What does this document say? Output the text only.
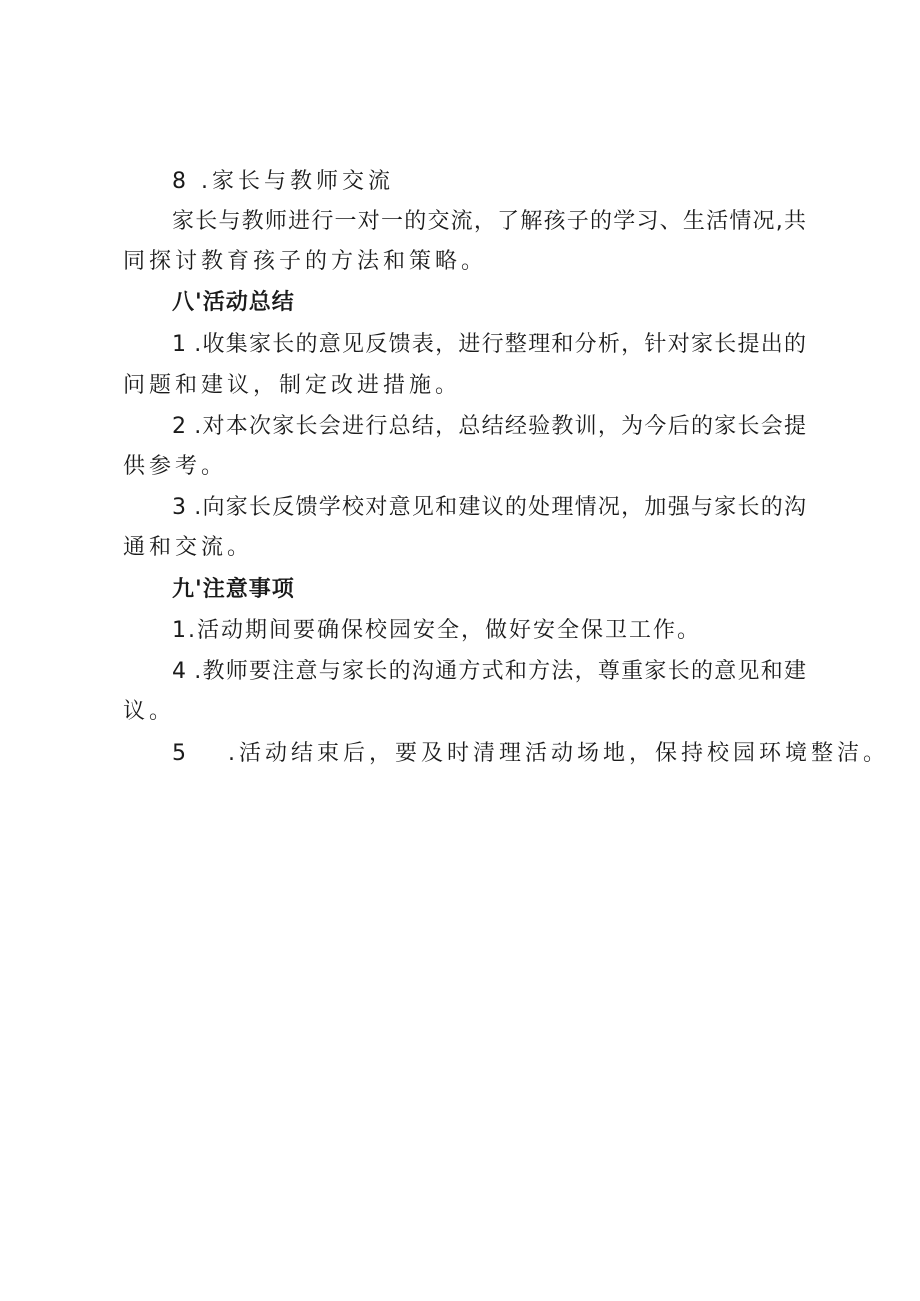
8 .家长与教师交流
家长与教师进行一对一的交流，了解孩子的学习、生活情况,共
同探讨教育孩子的方法和策略。
八'活动总结
1 .收集家长的意见反馈表，进行整理和分析，针对家长提出的
问题和建议，制定改进措施。
2 .对本次家长会进行总结，总结经验教训，为今后的家长会提
供参考。
3 .向家长反馈学校对意见和建议的处理情况，加强与家长的沟
通和交流。
九'注意事项
1.活动期间要确保校园安全，做好安全保卫工作。
4 .教师要注意与家长的沟通方式和方法，尊重家长的意见和建
议。
5 .活动结束后，要及时清理活动场地，保持校园环境整洁。
